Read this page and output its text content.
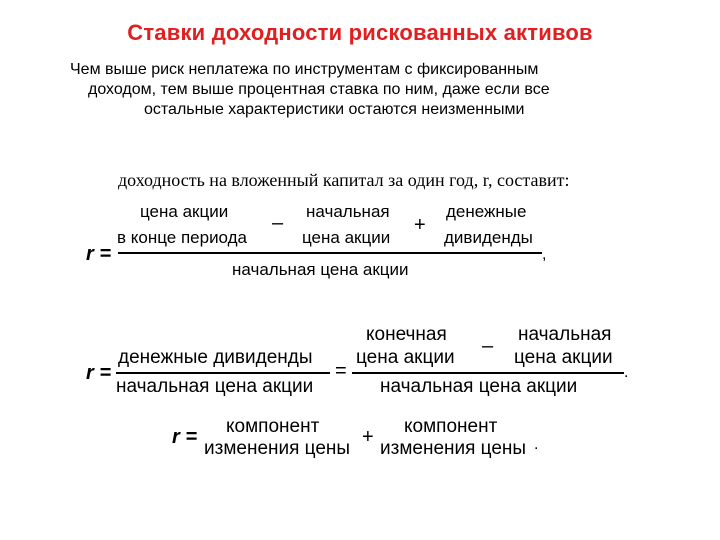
Ставки доходности рискованных активов
Чем выше риск неплатежа по инструментам с фиксированным
доходом, тем выше процентная ставка по ним, даже если все
остальные характеристики остаются неизменными
доходность на вложенный капитал за один год, r, составит:
r =
цена акции
в конце периода
–
начальная
цена акции
+
денежные
дивиденды
начальная цена акции
,
r =
денежные дивиденды
начальная цена акции
=
конечная
цена акции
–
начальная
цена акции
начальная цена акции
.
r = компонент
изменения цены
+ компонент
изменения цены .
